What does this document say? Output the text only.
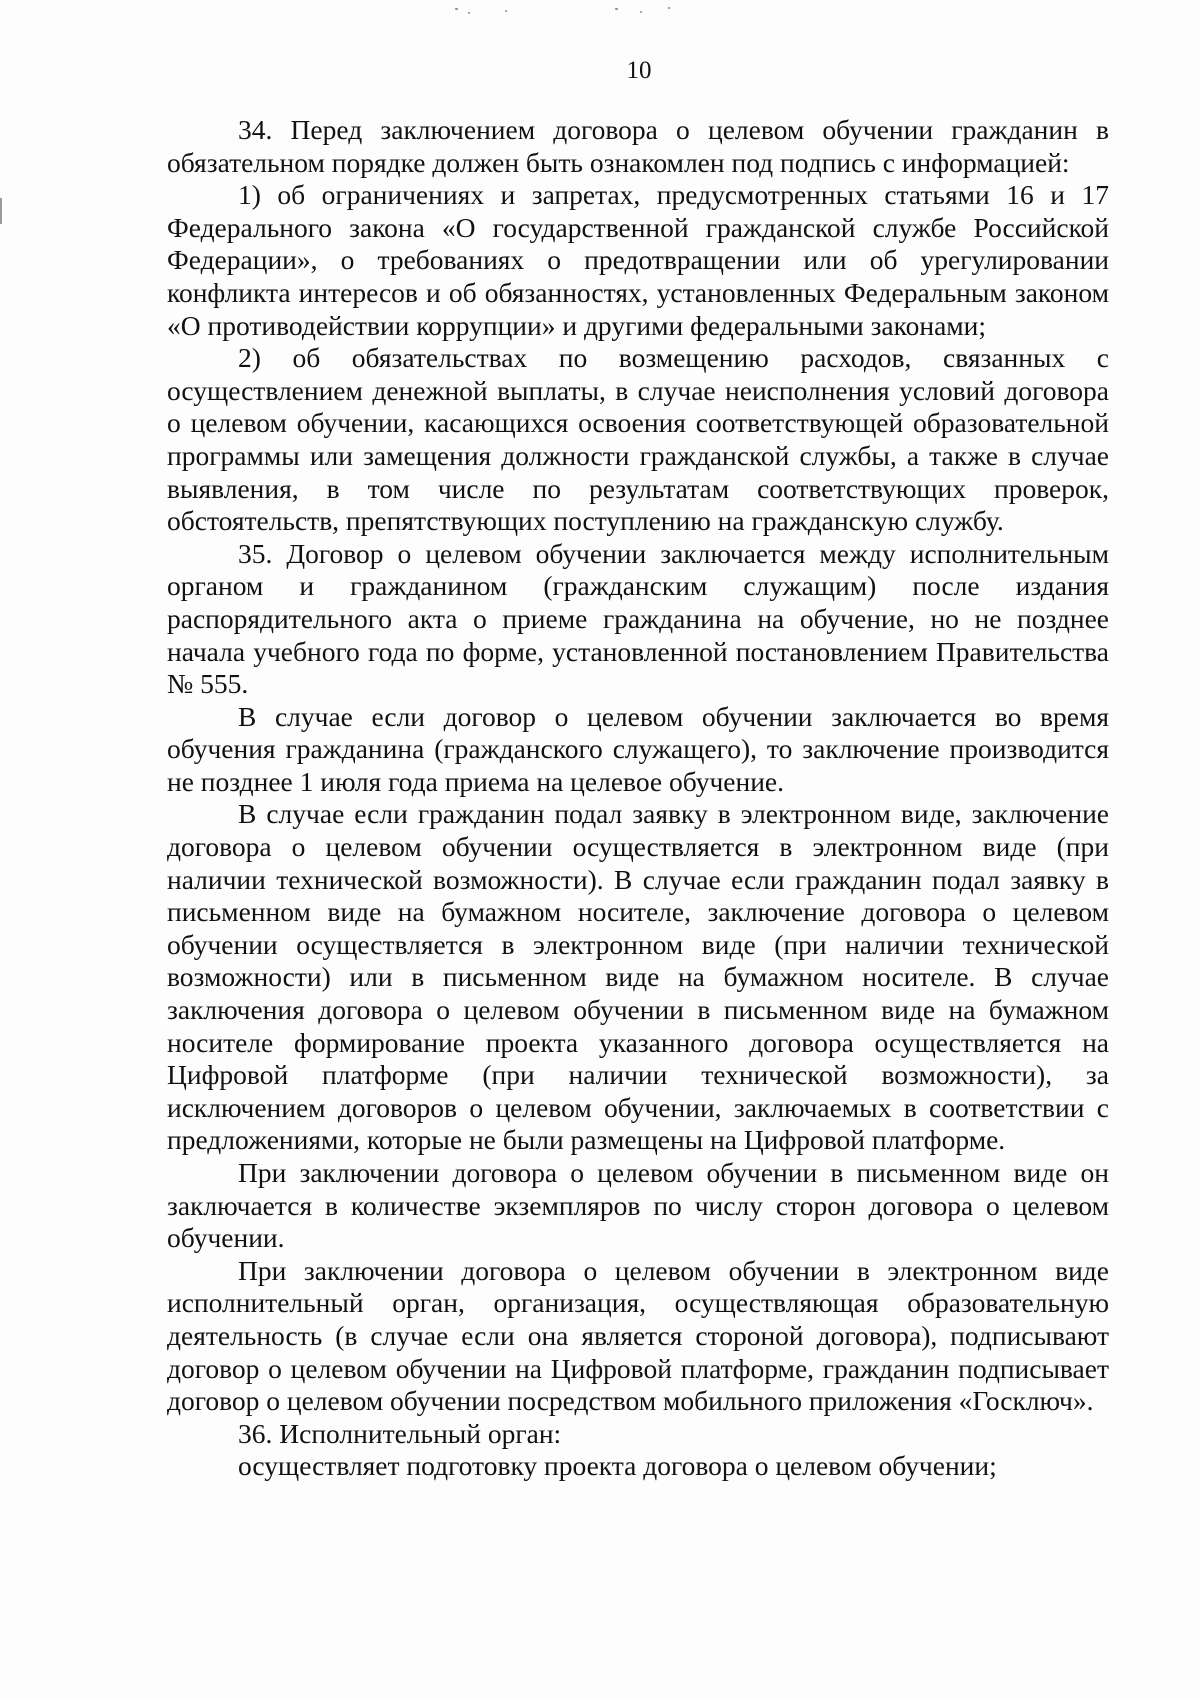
10

34. Перед заключением договора о целевом обучении гражданин в обязательном порядке должен быть ознакомлен под подпись с информацией:

1) об ограничениях и запретах, предусмотренных статьями 16 и 17 Федерального закона «О государственной гражданской службе Российской Федерации», о требованиях о предотвращении или об урегулировании конфликта интересов и об обязанностях, установленных Федеральным законом «О противодействии коррупции» и другими федеральными законами;

2) об обязательствах по возмещению расходов, связанных с осуществлением денежной выплаты, в случае неисполнения условий договора о целевом обучении, касающихся освоения соответствующей образовательной программы или замещения должности гражданской службы, а также в случае выявления, в том числе по результатам соответствующих проверок, обстоятельств, препятствующих поступлению на гражданскую службу.

35. Договор о целевом обучении заключается между исполнительным органом и гражданином (гражданским служащим) после издания распорядительного акта о приеме гражданина на обучение, но не позднее начала учебного года по форме, установленной постановлением Правительства № 555.

В случае если договор о целевом обучении заключается во время обучения гражданина (гражданского служащего), то заключение производится не позднее 1 июля года приема на целевое обучение.

В случае если гражданин подал заявку в электронном виде, заключение договора о целевом обучении осуществляется в электронном виде (при наличии технической возможности). В случае если гражданин подал заявку в письменном виде на бумажном носителе, заключение договора о целевом обучении осуществляется в электронном виде (при наличии технической возможности) или в письменном виде на бумажном носителе. В случае заключения договора о целевом обучении в письменном виде на бумажном носителе формирование проекта указанного договора осуществляется на Цифровой платформе (при наличии технической возможности), за исключением договоров о целевом обучении, заключаемых в соответствии с предложениями, которые не были размещены на Цифровой платформе.

При заключении договора о целевом обучении в письменном виде он заключается в количестве экземпляров по числу сторон договора о целевом обучении.

При заключении договора о целевом обучении в электронном виде исполнительный орган, организация, осуществляющая образовательную деятельность (в случае если она является стороной договора), подписывают договор о целевом обучении на Цифровой платформе, гражданин подписывает договор о целевом обучении посредством мобильного приложения «Госключ».

36. Исполнительный орган:

осуществляет подготовку проекта договора о целевом обучении;
